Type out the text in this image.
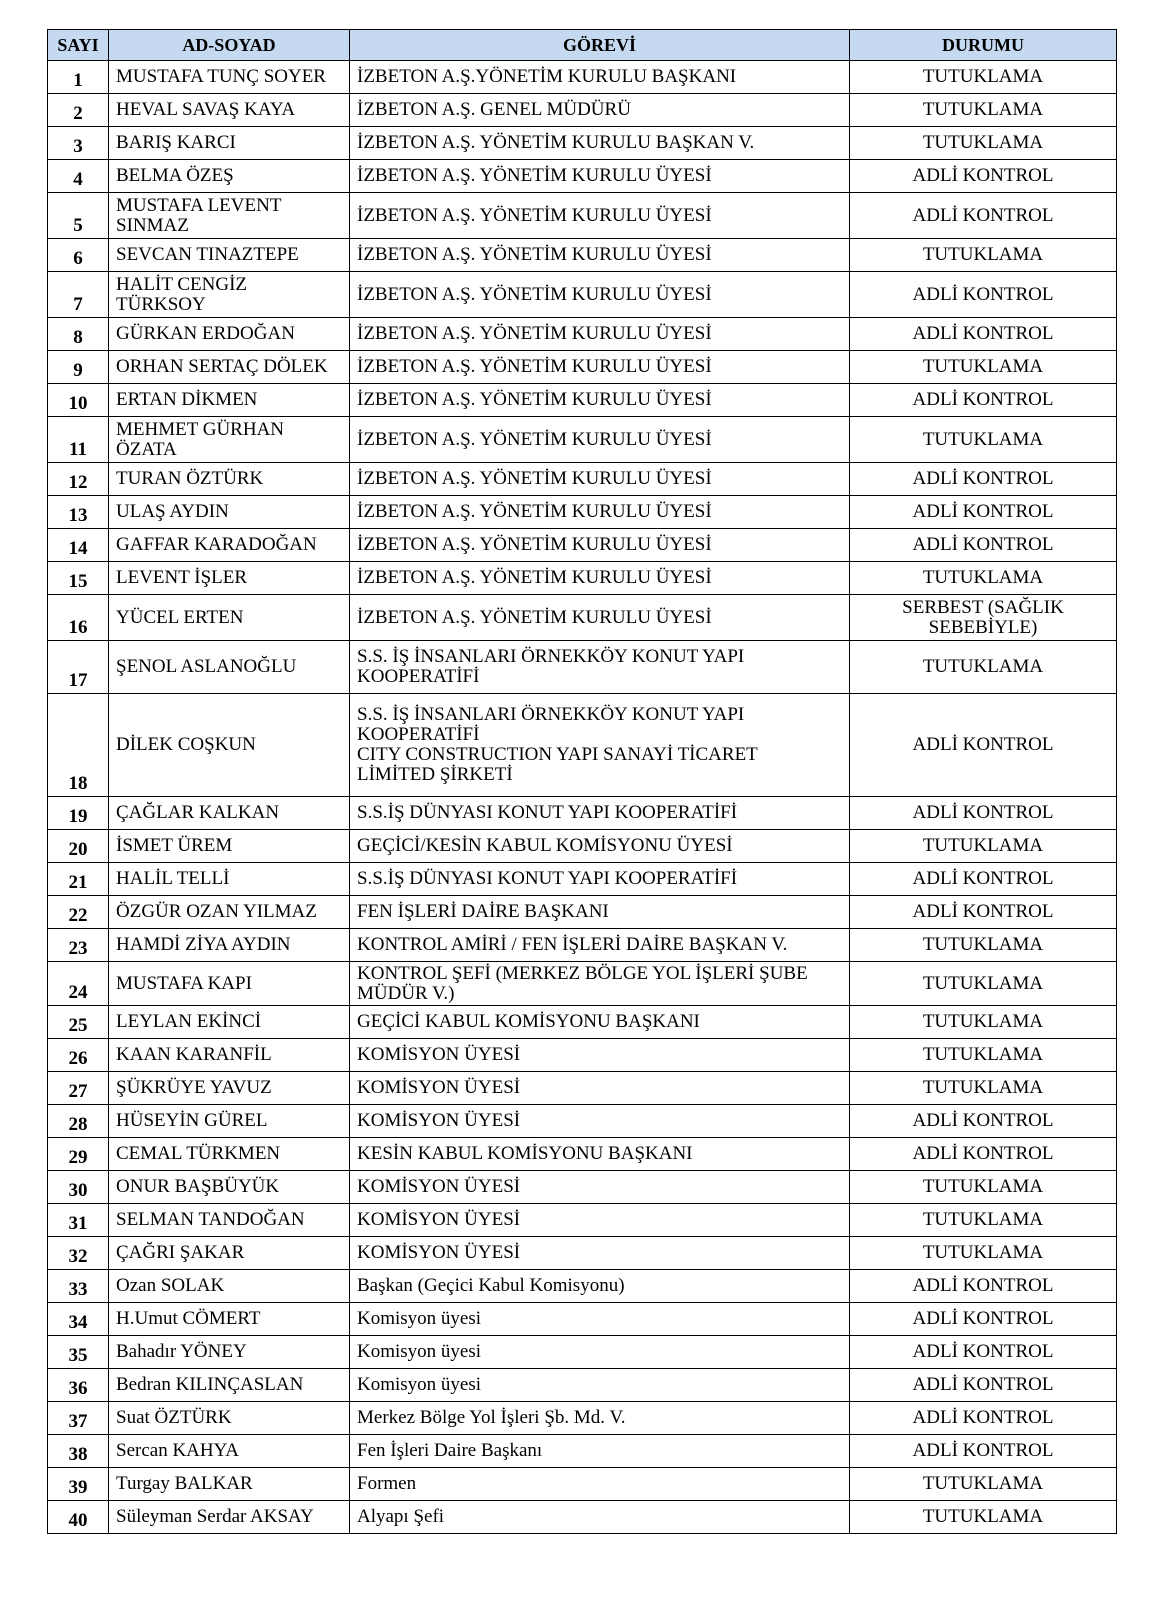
SAYI	AD-SOYAD	GÖREVİ	DURUMU
1	MUSTAFA TUNÇ SOYER	İZBETON A.Ş.YÖNETİM KURULU BAŞKANI	TUTUKLAMA

2	HEVAL SAVAŞ KAYA	İZBETON A.Ş. GENEL MÜDÜRÜ	TUTUKLAMA

3	BARIŞ KARCI	İZBETON A.Ş. YÖNETİM KURULU BAŞKAN V.	TUTUKLAMA

4	BELMA ÖZEŞ	İZBETON A.Ş. YÖNETİM KURULU ÜYESİ	ADLİ KONTROL

5	MUSTAFA LEVENT
SINMAZ	İZBETON A.Ş. YÖNETİM KURULU ÜYESİ	ADLİ KONTROL

6	SEVCAN TINAZTEPE	İZBETON A.Ş. YÖNETİM KURULU ÜYESİ	TUTUKLAMA

7	HALİT CENGİZ
TÜRKSOY	İZBETON A.Ş. YÖNETİM KURULU ÜYESİ	ADLİ KONTROL

8	GÜRKAN ERDOĞAN	İZBETON A.Ş. YÖNETİM KURULU ÜYESİ	ADLİ KONTROL

9	ORHAN SERTAÇ DÖLEK	İZBETON A.Ş. YÖNETİM KURULU ÜYESİ	TUTUKLAMA

10	ERTAN DİKMEN	İZBETON A.Ş. YÖNETİM KURULU ÜYESİ	ADLİ KONTROL

11	MEHMET GÜRHAN
ÖZATA	İZBETON A.Ş. YÖNETİM KURULU ÜYESİ	TUTUKLAMA

12	TURAN ÖZTÜRK	İZBETON A.Ş. YÖNETİM KURULU ÜYESİ	ADLİ KONTROL

13	ULAŞ AYDIN	İZBETON A.Ş. YÖNETİM KURULU ÜYESİ	ADLİ KONTROL

14	GAFFAR KARADOĞAN	İZBETON A.Ş. YÖNETİM KURULU ÜYESİ	ADLİ KONTROL

15	LEVENT İŞLER	İZBETON A.Ş. YÖNETİM KURULU ÜYESİ	TUTUKLAMA

16	YÜCEL ERTEN	İZBETON A.Ş. YÖNETİM KURULU ÜYESİ	SERBEST (SAĞLIK
SEBEBİYLE)

17	ŞENOL ASLANOĞLU	S.S. İŞ İNSANLARI ÖRNEKKÖY KONUT YAPI
KOOPERATİFİ	TUTUKLAMA

18	DİLEK COŞKUN	S.S. İŞ İNSANLARI ÖRNEKKÖY KONUT YAPI
KOOPERATİFİ
CITY CONSTRUCTION YAPI SANAYİ TİCARET
LİMİTED ŞİRKETİ	ADLİ KONTROL

19	ÇAĞLAR KALKAN	S.S.İŞ DÜNYASI KONUT YAPI KOOPERATİFİ	ADLİ KONTROL

20	İSMET ÜREM	GEÇİCİ/KESİN KABUL KOMİSYONU ÜYESİ	TUTUKLAMA

21	HALİL TELLİ	S.S.İŞ DÜNYASI KONUT YAPI KOOPERATİFİ	ADLİ KONTROL

22	ÖZGÜR OZAN YILMAZ	FEN İŞLERİ DAİRE BAŞKANI	ADLİ KONTROL

23	HAMDİ ZİYA AYDIN	KONTROL AMİRİ / FEN İŞLERİ DAİRE BAŞKAN V.	TUTUKLAMA

24	MUSTAFA KAPI	KONTROL ŞEFİ (MERKEZ BÖLGE YOL İŞLERİ ŞUBE
MÜDÜR V.)	TUTUKLAMA

25	LEYLAN EKİNCİ	GEÇİCİ KABUL KOMİSYONU BAŞKANI	TUTUKLAMA

26	KAAN KARANFİL	KOMİSYON ÜYESİ	TUTUKLAMA

27	ŞÜKRÜYE YAVUZ	KOMİSYON ÜYESİ	TUTUKLAMA

28	HÜSEYİN GÜREL	KOMİSYON ÜYESİ	ADLİ KONTROL

29	CEMAL TÜRKMEN	KESİN KABUL KOMİSYONU BAŞKANI	ADLİ KONTROL

30	ONUR BAŞBÜYÜK	KOMİSYON ÜYESİ	TUTUKLAMA

31	SELMAN TANDOĞAN	KOMİSYON ÜYESİ	TUTUKLAMA

32	ÇAĞRI ŞAKAR	KOMİSYON ÜYESİ	TUTUKLAMA

33	Ozan SOLAK	Başkan (Geçici Kabul Komisyonu)	ADLİ KONTROL

34	H.Umut CÖMERT	Komisyon üyesi	ADLİ KONTROL

35	Bahadır YÖNEY	Komisyon üyesi	ADLİ KONTROL

36	Bedran KILINÇASLAN	Komisyon üyesi	ADLİ KONTROL

37	Suat ÖZTÜRK	Merkez Bölge Yol İşleri Şb. Md. V.	ADLİ KONTROL

38	Sercan KAHYA	Fen İşleri Daire Başkanı	ADLİ KONTROL

39	Turgay BALKAR	Formen	TUTUKLAMA

40	Süleyman Serdar AKSAY	Alyapı Şefi	TUTUKLAMA
